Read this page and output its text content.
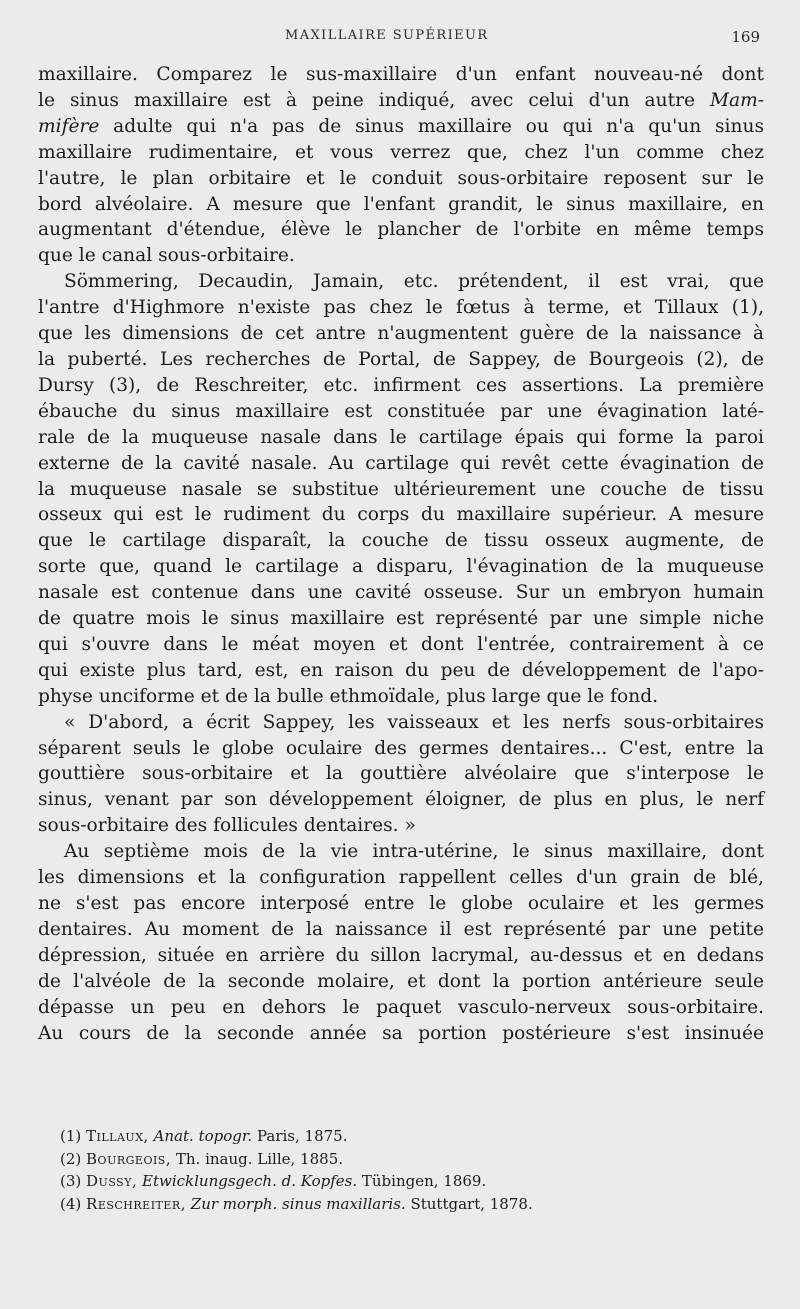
MAXILLAIRE SUPÉRIEUR	169

maxillaire. Comparez le sus-maxillaire d'un enfant nouveau-né dont
le sinus maxillaire est à peine indiqué, avec celui d'un autre Mam-
mifère adulte qui n'a pas de sinus maxillaire ou qui n'a qu'un sinus
maxillaire rudimentaire, et vous verrez que, chez l'un comme chez
l'autre, le plan orbitaire et le conduit sous-orbitaire reposent sur le
bord alvéolaire. A mesure que l'enfant grandit, le sinus maxillaire, en
augmentant d'étendue, élève le plancher de l'orbite en même temps
que le canal sous-orbitaire.

Sömmering, Decaudin, Jamain, etc. prétendent, il est vrai, que
l'antre d'Highmore n'existe pas chez le fœtus à terme, et Tillaux (1),
que les dimensions de cet antre n'augmentent guère de la naissance à
la puberté. Les recherches de Portal, de Sappey, de Bourgeois (2), de
Dursy (3), de Reschreiter, etc. infirment ces assertions. La première
ébauche du sinus maxillaire est constituée par une évagination laté-
rale de la muqueuse nasale dans le cartilage épais qui forme la paroi
externe de la cavité nasale. Au cartilage qui revêt cette évagination de
la muqueuse nasale se substitue ultérieurement une couche de tissu
osseux qui est le rudiment du corps du maxillaire supérieur. A mesure
que le cartilage disparaît, la couche de tissu osseux augmente, de
sorte que, quand le cartilage a disparu, l'évagination de la muqueuse
nasale est contenue dans une cavité osseuse. Sur un embryon humain
de quatre mois le sinus maxillaire est représenté par une simple niche
qui s'ouvre dans le méat moyen et dont l'entrée, contrairement à ce
qui existe plus tard, est, en raison du peu de développement de l'apo-
physe unciforme et de la bulle ethmoïdale, plus large que le fond.

« D'abord, a écrit Sappey, les vaisseaux et les nerfs sous-orbitaires
séparent seuls le globe oculaire des germes dentaires... C'est, entre la
gouttière sous-orbitaire et la gouttière alvéolaire que s'interpose le
sinus, venant par son développement éloigner, de plus en plus, le nerf
sous-orbitaire des follicules dentaires. »

Au septième mois de la vie intra-utérine, le sinus maxillaire, dont
les dimensions et la configuration rappellent celles d'un grain de blé,
ne s'est pas encore interposé entre le globe oculaire et les germes
dentaires. Au moment de la naissance il est représenté par une petite
dépression, située en arrière du sillon lacrymal, au-dessus et en dedans
de l'alvéole de la seconde molaire, et dont la portion antérieure seule
dépasse un peu en dehors le paquet vasculo-nerveux sous-orbitaire.
Au cours de la seconde année sa portion postérieure s'est insinuée

(1) Tillaux, Anat. topogr. Paris, 1875.
(2) Bourgeois, Th. inaug. Lille, 1885.
(3) Dussy, Etwicklungsgech. d. Kopfes. Tübingen, 1869.
(4) Reschreiter, Zur morph. sinus maxillaris. Stuttgart, 1878.
